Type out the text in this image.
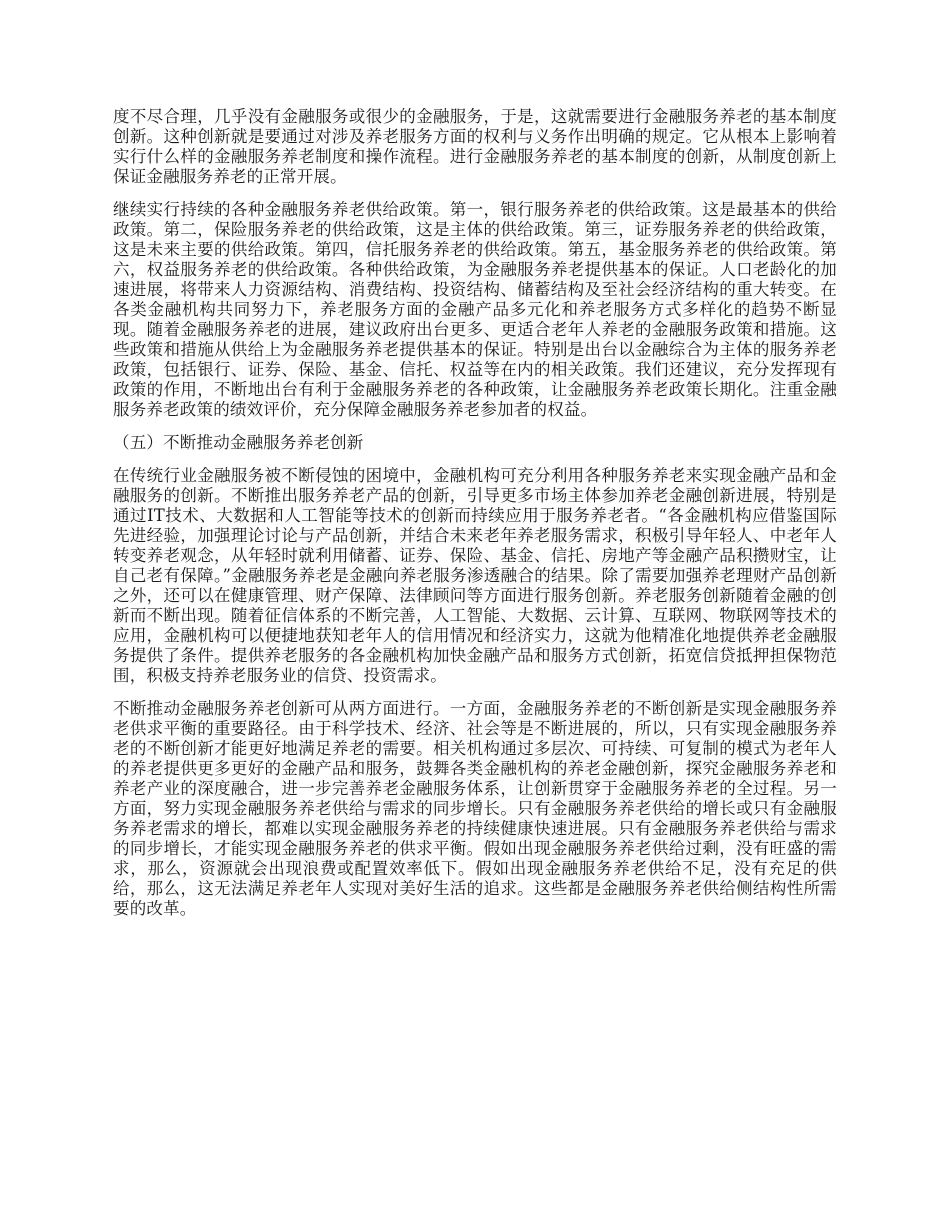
度不尽合理，几乎没有金融服务或很少的金融服务，于是，这就需要进行金融服务养老的基本制度创新。这种创新就是要通过对涉及养老服务方面的权利与义务作出明确的规定。它从根本上影响着实行什么样的金融服务养老制度和操作流程。进行金融服务养老的基本制度的创新，从制度创新上保证金融服务养老的正常开展。

继续实行持续的各种金融服务养老供给政策。第一，银行服务养老的供给政策。这是最基本的供给政策。第二，保险服务养老的供给政策，这是主体的供给政策。第三，证券服务养老的供给政策，这是未来主要的供给政策。第四，信托服务养老的供给政策。第五，基金服务养老的供给政策。第六，权益服务养老的供给政策。各种供给政策，为金融服务养老提供基本的保证。人口老龄化的加速进展，将带来人力资源结构、消费结构、投资结构、储蓄结构及至社会经济结构的重大转变。在各类金融机构共同努力下，养老服务方面的金融产品多元化和养老服务方式多样化的趋势不断显现。随着金融服务养老的进展，建议政府出台更多、更适合老年人养老的金融服务政策和措施。这些政策和措施从供给上为金融服务养老提供基本的保证。特别是出台以金融综合为主体的服务养老政策，包括银行、证券、保险、基金、信托、权益等在内的相关政策。我们还建议，充分发挥现有政策的作用，不断地出台有利于金融服务养老的各种政策，让金融服务养老政策长期化。注重金融服务养老政策的绩效评价，充分保障金融服务养老参加者的权益。

（五）不断推动金融服务养老创新

在传统行业金融服务被不断侵蚀的困境中，金融机构可充分利用各种服务养老来实现金融产品和金融服务的创新。不断推出服务养老产品的创新，引导更多市场主体参加养老金融创新进展，特别是通过IT技术、大数据和人工智能等技术的创新而持续应用于服务养老者。“各金融机构应借鉴国际先进经验，加强理论讨论与产品创新，并结合未来老年养老服务需求，积极引导年轻人、中老年人转变养老观念，从年轻时就利用储蓄、证券、保险、基金、信托、房地产等金融产品积攒财宝，让自己老有保障。”金融服务养老是金融向养老服务渗透融合的结果。除了需要加强养老理财产品创新之外，还可以在健康管理、财产保障、法律顾问等方面进行服务创新。养老服务创新随着金融的创新而不断出现。随着征信体系的不断完善，人工智能、大数据、云计算、互联网、物联网等技术的应用，金融机构可以便捷地获知老年人的信用情况和经济实力，这就为他精准化地提供养老金融服务提供了条件。提供养老服务的各金融机构加快金融产品和服务方式创新，拓宽信贷抵押担保物范围，积极支持养老服务业的信贷、投资需求。

不断推动金融服务养老创新可从两方面进行。一方面，金融服务养老的不断创新是实现金融服务养老供求平衡的重要路径。由于科学技术、经济、社会等是不断进展的，所以，只有实现金融服务养老的不断创新才能更好地满足养老的需要。相关机构通过多层次、可持续、可复制的模式为老年人的养老提供更多更好的金融产品和服务，鼓舞各类金融机构的养老金融创新，探究金融服务养老和养老产业的深度融合，进一步完善养老金融服务体系，让创新贯穿于金融服务养老的全过程。另一方面，努力实现金融服务养老供给与需求的同步增长。只有金融服务养老供给的增长或只有金融服务养老需求的增长，都难以实现金融服务养老的持续健康快速进展。只有金融服务养老供给与需求的同步增长，才能实现金融服务养老的供求平衡。假如出现金融服务养老供给过剩，没有旺盛的需求，那么，资源就会出现浪费或配置效率低下。假如出现金融服务养老供给不足，没有充足的供给，那么，这无法满足养老年人实现对美好生活的追求。这些都是金融服务养老供给侧结构性所需要的改革。
